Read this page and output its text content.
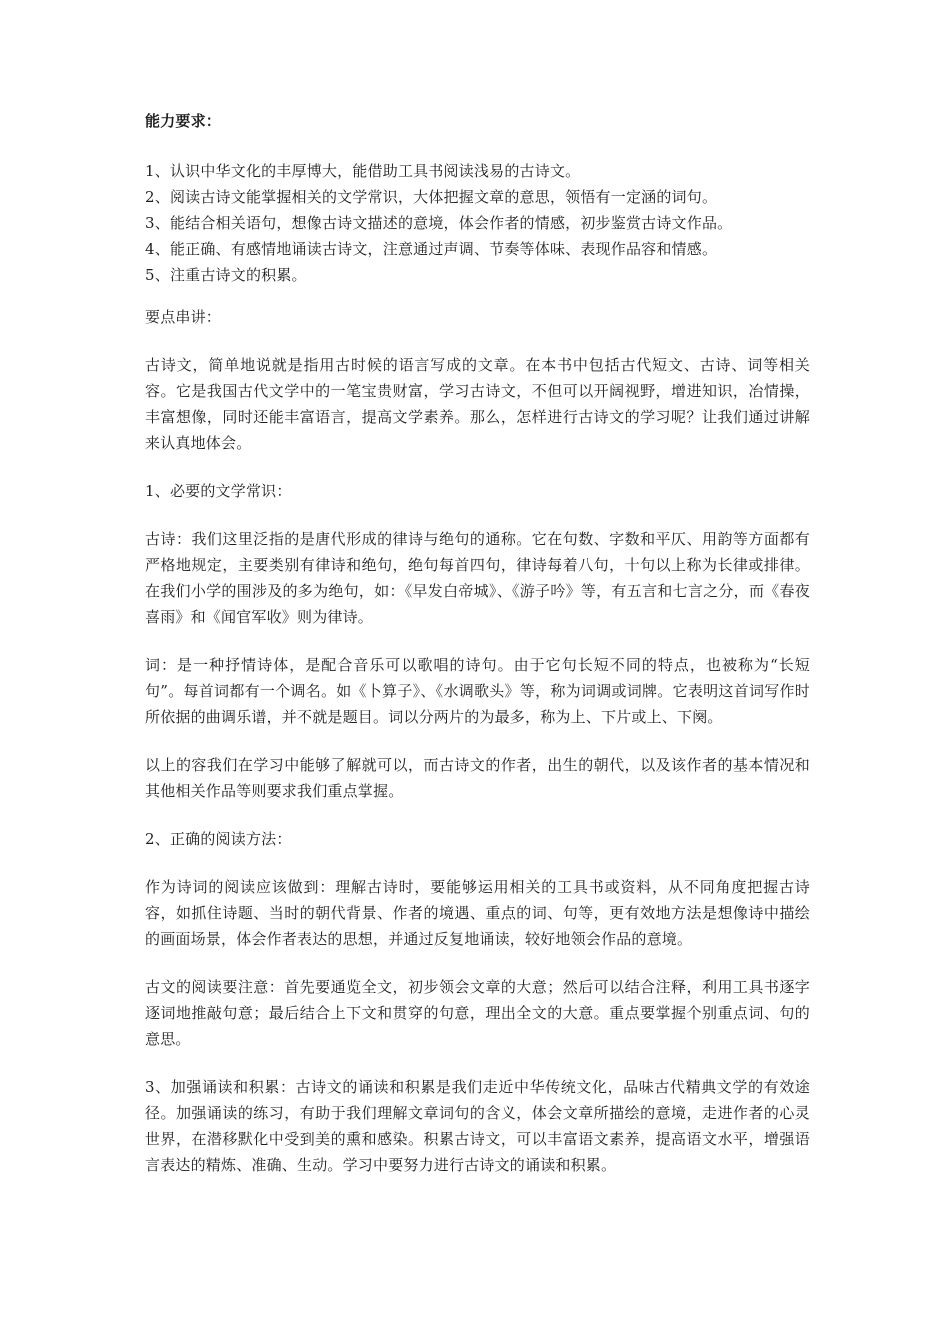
能力要求：
1、认识中华文化的丰厚博大，能借助工具书阅读浅易的古诗文。
2、阅读古诗文能掌握相关的文学常识，大体把握文章的意思，领悟有一定涵的词句。
3、能结合相关语句，想像古诗文描述的意境，体会作者的情感，初步鉴赏古诗文作品。
4、能正确、有感情地诵读古诗文，注意通过声调、节奏等体味、表现作品容和情感。
5、注重古诗文的积累。
要点串讲：

古诗文，简单地说就是指用古时候的语言写成的文章。在本书中包括古代短文、古诗、词等相关容。它是我国古代文学中的一笔宝贵财富，学习古诗文，不但可以开阔视野，增进知识，冶情操，丰富想像，同时还能丰富语言，提高文学素养。那么，怎样进行古诗文的学习呢？让我们通过讲解来认真地体会。

1、必要的文学常识：

古诗：我们这里泛指的是唐代形成的律诗与绝句的通称。它在句数、字数和平仄、用韵等方面都有严格地规定，主要类别有律诗和绝句，绝句每首四句，律诗每着八句，十句以上称为长律或排律。在我们小学的围涉及的多为绝句，如：《早发白帝城》、《游子吟》等，有五言和七言之分，而《春夜喜雨》和《闻官军收》则为律诗。

词：是一种抒情诗体，是配合音乐可以歌唱的诗句。由于它句长短不同的特点，也被称为“长短句”。每首词都有一个调名。如《卜算子》、《水调歌头》等，称为词调或词牌。它表明这首词写作时所依据的曲调乐谱，并不就是题目。词以分两片的为最多，称为上、下片或上、下阕。

以上的容我们在学习中能够了解就可以，而古诗文的作者，出生的朝代，以及该作者的基本情况和其他相关作品等则要求我们重点掌握。

2、正确的阅读方法：

作为诗词的阅读应该做到：理解古诗时，要能够运用相关的工具书或资料，从不同角度把握古诗容，如抓住诗题、当时的朝代背景、作者的境遇、重点的词、句等，更有效地方法是想像诗中描绘的画面场景，体会作者表达的思想，并通过反复地诵读，较好地领会作品的意境。

古文的阅读要注意：首先要通览全文，初步领会文章的大意；然后可以结合注释，利用工具书逐字逐词地推敲句意；最后结合上下文和贯穿的句意，理出全文的大意。重点要掌握个别重点词、句的意思。

3、加强诵读和积累：古诗文的诵读和积累是我们走近中华传统文化，品味古代精典文学的有效途径。加强诵读的练习，有助于我们理解文章词句的含义，体会文章所描绘的意境，走进作者的心灵世界，在潜移默化中受到美的熏和感染。积累古诗文，可以丰富语文素养，提高语文水平，增强语言表达的精炼、准确、生动。学习中要努力进行古诗文的诵读和积累。
